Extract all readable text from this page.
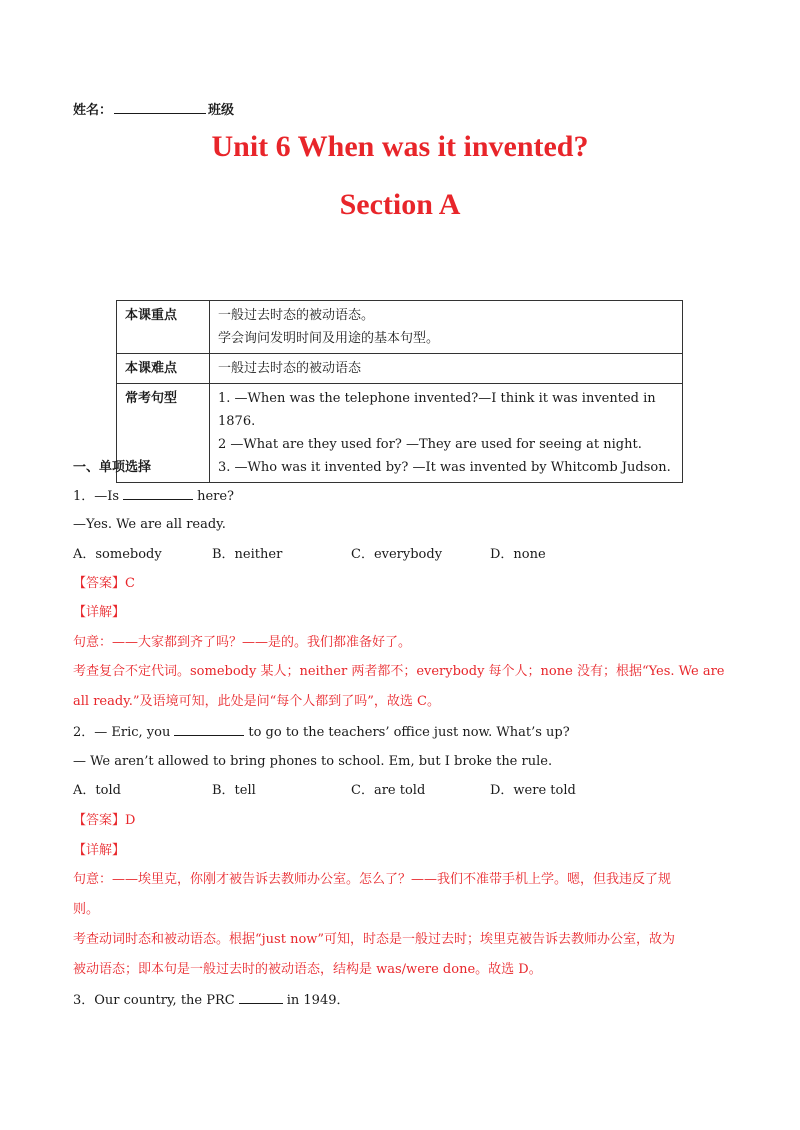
姓名：	班级
Unit 6 When was it invented?
Section A
本课重点	一般过去时态的被动语态。
学会询问发明时间及用途的基本句型。

本课难点	一般过去时态的被动语态

常考句型	1. —When was the telephone invented?—I think it was invented in 1876.
2 —What are they used for? —They are used for seeing at night.
3. —Who was it invented by? —It was invented by Whitcomb Judson.
一、单项选择
1．—Is	here?
—Yes. We are all ready.
A．somebody	B．neither	C．everybody	D．none
【答案】C
【详解】
句意：——大家都到齐了吗？——是的。我们都准备好了。
考查复合不定代词。somebody 某人；neither 两者都不；everybody 每个人；none 没有；根据“Yes. We are
all ready.”及语境可知，此处是问“每个人都到了吗”，故选 C。
2．— Eric, you	to go to the teachers’ office just now. What’s up?
— We aren’t allowed to bring phones to school. Em, but I broke the rule.
A．told	B．tell	C．are told	D．were told
【答案】D
【详解】
句意：——埃里克，你刚才被告诉去教师办公室。怎么了？——我们不准带手机上学。嗯，但我违反了规
则。
考查动词时态和被动语态。根据“just now”可知，时态是一般过去时；埃里克被告诉去教师办公室，故为
被动语态；即本句是一般过去时的被动语态，结构是 was/were done。故选 D。
3．Our country, the PRC	in 1949．
